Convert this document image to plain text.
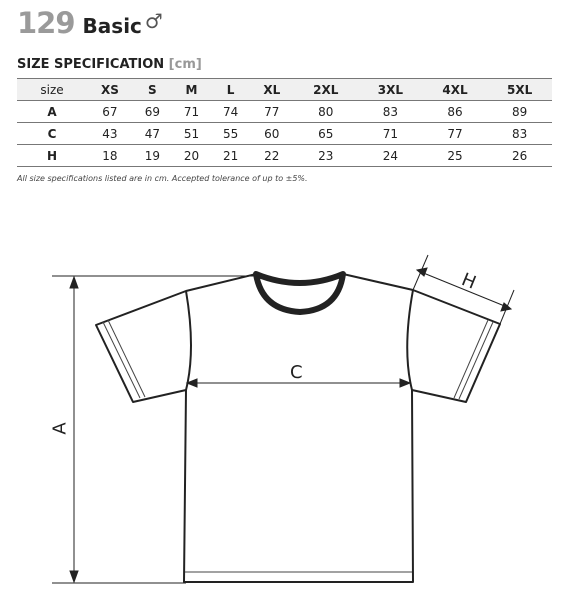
129 Basic ♂
SIZE SPECIFICATION [cm]
size	XS	S	M	L	XL	2XL	3XL	4XL	5XL
A	67	69	71	74	77	80	83	86	89
C	43	47	51	55	60	65	71	77	83
H	18	19	20	21	22	23	24	25	26
All size specifications listed are in cm. Accepted tolerance of up to ±5%.
C
A
H
